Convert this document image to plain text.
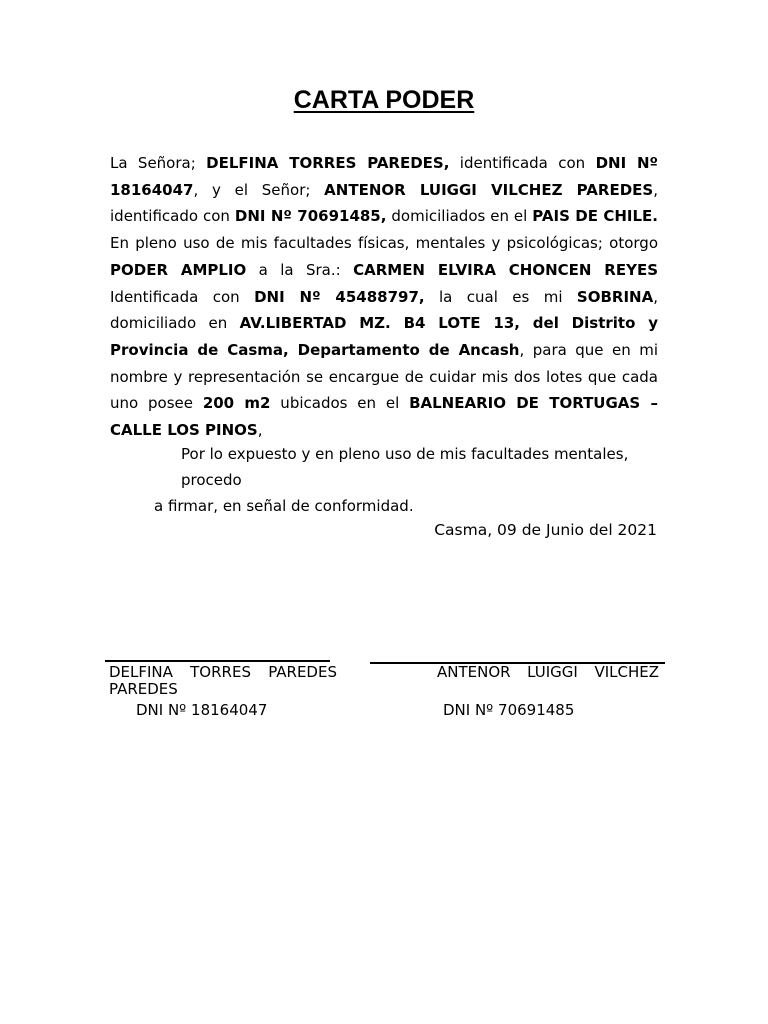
CARTA PODER
La Señora; DELFINA TORRES PAREDES, identificada con DNI Nº 18164047, y el Señor; ANTENOR LUIGGI VILCHEZ PAREDES, identificado con DNI Nº 70691485, domiciliados en el PAIS DE CHILE. En pleno uso de mis facultades físicas, mentales y psicológicas; otorgo PODER AMPLIO a la Sra.: CARMEN ELVIRA CHONCEN REYES Identificada con DNI Nº 45488797, la cual es mi SOBRINA, domiciliado en AV.LIBERTAD MZ. B4 LOTE 13, del Distrito y Provincia de Casma, Departamento de Ancash, para que en mi nombre y representación se encargue de cuidar mis dos lotes que cada uno posee 200 m2 ubicados en el BALNEARIO DE TORTUGAS – CALLE LOS PINOS,
Por lo expuesto y en pleno uso de mis facultades mentales, procedo
a firmar, en señal de conformidad.
Casma, 09 de Junio del 2021
DELFINA TORRES PAREDES
PAREDES
ANTENOR LUIGGI VILCHEZ
DNI Nº 18164047	DNI Nº 70691485
